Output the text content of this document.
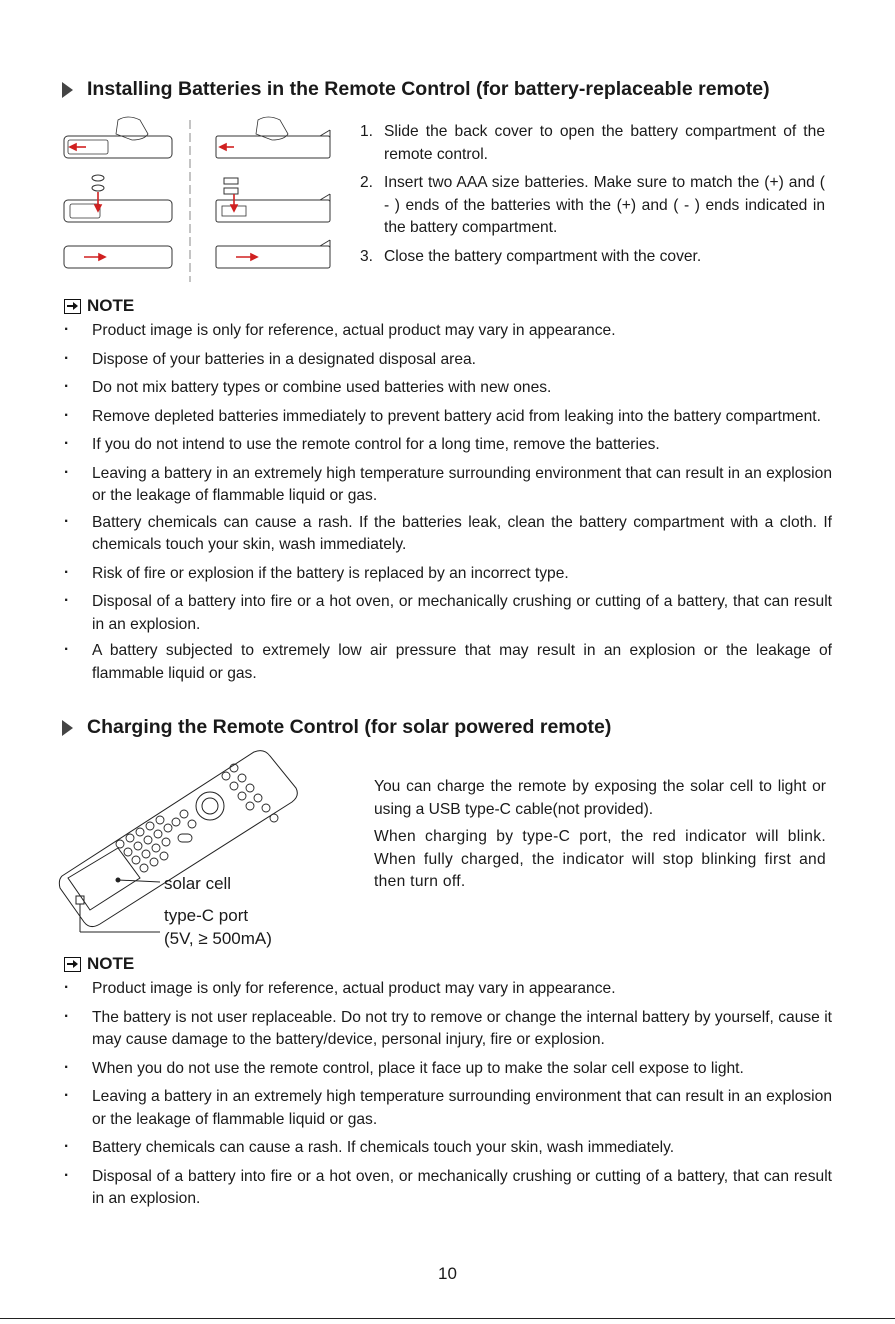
Installing Batteries in the Remote Control (for battery-replaceable remote)
1. Slide the back cover to open the battery compartment of the remote control.
2. Insert two AAA size batteries. Make sure to match the (+) and ( - ) ends of the batteries with the (+) and ( - ) ends indicated in the battery compartment.
3. Close the battery compartment with the cover.
NOTE
· Product image is only for reference, actual product may vary in appearance.
· Dispose of your batteries in a designated disposal area.
· Do not mix battery types or combine used batteries with new ones.
· Remove depleted batteries immediately to prevent battery acid from leaking into the battery compartment.
· If you do not intend to use the remote control for a long time, remove the batteries.
· Leaving a battery in an extremely high temperature surrounding environment that can result in an explosion or the leakage of flammable liquid or gas.
· Battery chemicals can cause a rash. If the batteries leak, clean the battery compartment with a cloth. If chemicals touch your skin, wash immediately.
· Risk of fire or explosion if the battery is replaced by an incorrect type.
· Disposal of a battery into fire or a hot oven, or mechanically crushing or cutting of a battery, that can result in an explosion.
· A battery subjected to extremely low air pressure that may result in an explosion or the leakage of flammable liquid or gas.
Charging the Remote Control (for solar powered remote)
solar cell
type-C port
(5V, ≥ 500mA)

You can charge the remote by exposing the solar cell to light or using a USB type-C cable(not provided).

When charging by type-C port, the red indicator will blink. When fully charged, the indicator will stop blinking first and then turn off.

NOTE
· Product image is only for reference, actual product may vary in appearance.
· The battery is not user replaceable. Do not try to remove or change the internal battery by yourself, cause it may cause damage to the battery/device, personal injury, fire or explosion.
· When you do not use the remote control, place it face up to make the solar cell expose to light.
· Leaving a battery in an extremely high temperature surrounding environment that can result in an explosion or the leakage of flammable liquid or gas.
· Battery chemicals can cause a rash. If chemicals touch your skin, wash immediately.
· Disposal of a battery into fire or a hot oven, or mechanically crushing or cutting of a battery, that can result in an explosion.
10
